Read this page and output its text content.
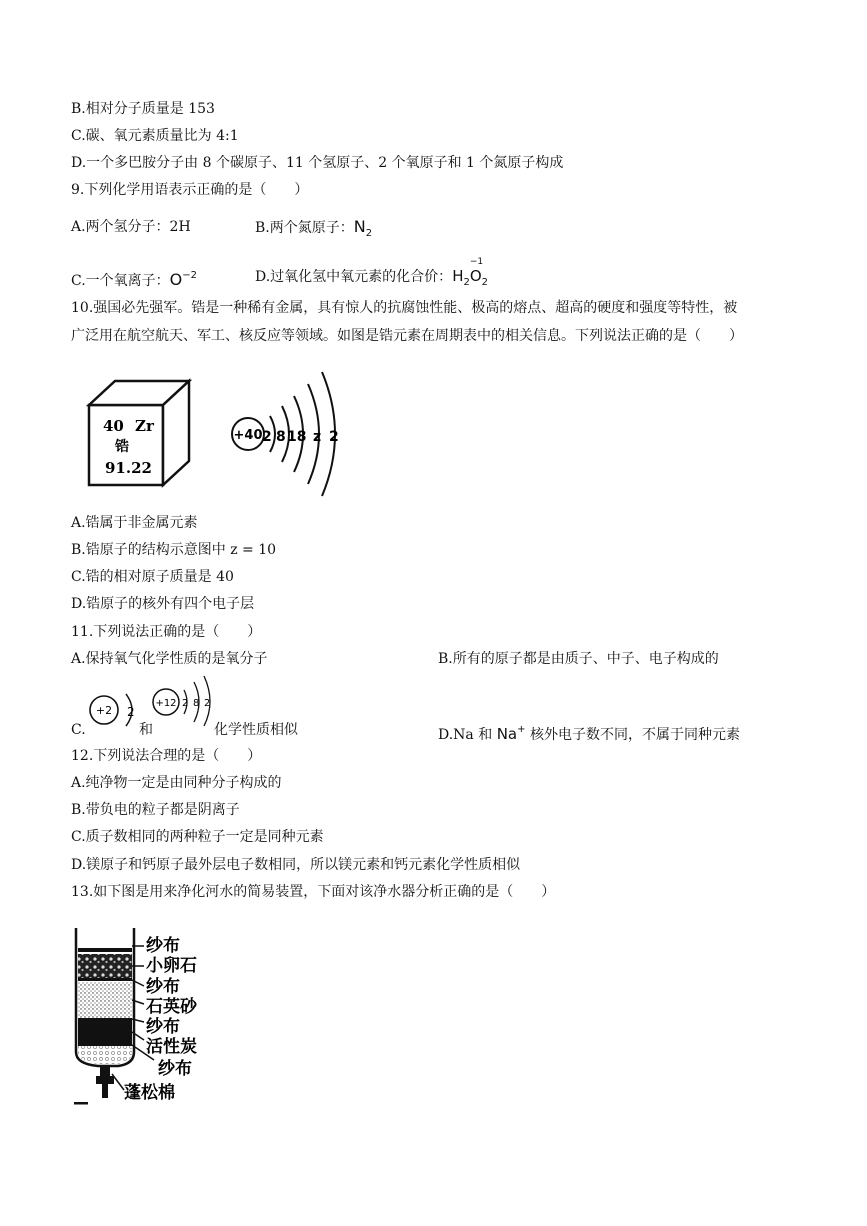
B.相对分子质量是 153
C.碳、氧元素质量比为 4:1
D.一个多巴胺分子由 8 个碳原子、11 个氢原子、2 个氧原子和 1 个氮原子构成
9.下列化学用语表示正确的是（　　）
A.两个氢分子：2H	B.两个氮原子：$N_2$
C.一个氧离子：$O^{-2}$	D.过氧化氢中氧元素的化合价：$H_2$
−1
$O_2$
10.强国必先强军。锆是一种稀有金属，具有惊人的抗腐蚀性能、极高的熔点、超高的硬度和强度等特性，被
广泛用在航空航天、军工、核反应等领域。如图是锆元素在周期表中的相关信息。下列说法正确的是（　　）
40 Zr
锆
91.22
+40 2 8 18 z 2
A.锆属于非金属元素
B.锆原子的结构示意图中 z = 10
C.锆的相对原子质量是 40
D.锆原子的核外有四个电子层
11.下列说法正确的是（　　）
A.保持氧气化学性质的是氧分子	B.所有的原子都是由质子、中子、电子构成的
+2 2
+12 2 8 2
C.	和	化学性质相似	D.Na 和 Na+ 核外电子数不同，不属于同种元素
12.下列说法合理的是（　　）
A.纯净物一定是由同种分子构成的
B.带负电的粒子都是阴离子
C.质子数相同的两种粒子一定是同种元素
D.镁原子和钙原子最外层电子数相同，所以镁元素和钙元素化学性质相似
13.如下图是用来净化河水的简易装置，下面对该净水器分析正确的是（　　）
纱布
小卵石
纱布
石英砂
纱布
活性炭
纱布
蓬松棉
